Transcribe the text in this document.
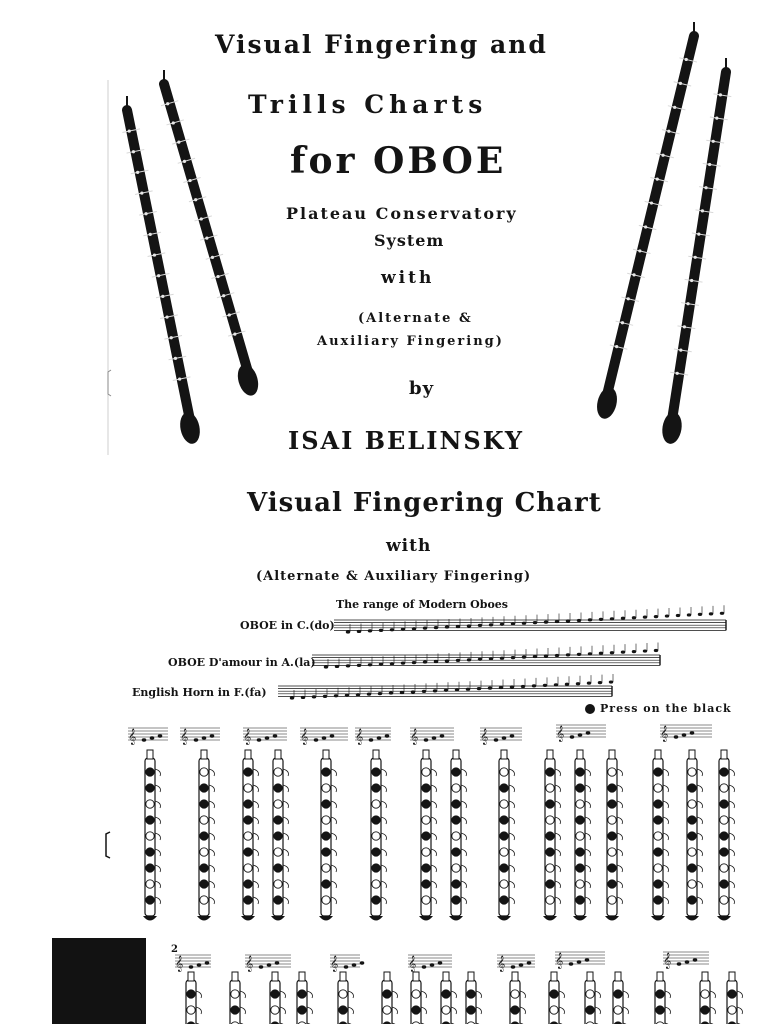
𝄞	𝄞	𝄞	𝄞	𝄞	𝄞	𝄞	𝄞	𝄞
𝄞	𝄞	𝄞	𝄞	𝄞	𝄞	𝄞
Visual Fingering and
Trills Charts
for OBOE
Plateau Conservatory
System
with
(Alternate &
Auxiliary Fingering)
by
ISAI BELINSKY
Visual Fingering Chart
with
(Alternate & Auxiliary Fingering)
The range of Modern Oboes
OBOE in C.(do)
OBOE D'amour in A.(la)
English Horn in F.(fa)
Press on the black
2
